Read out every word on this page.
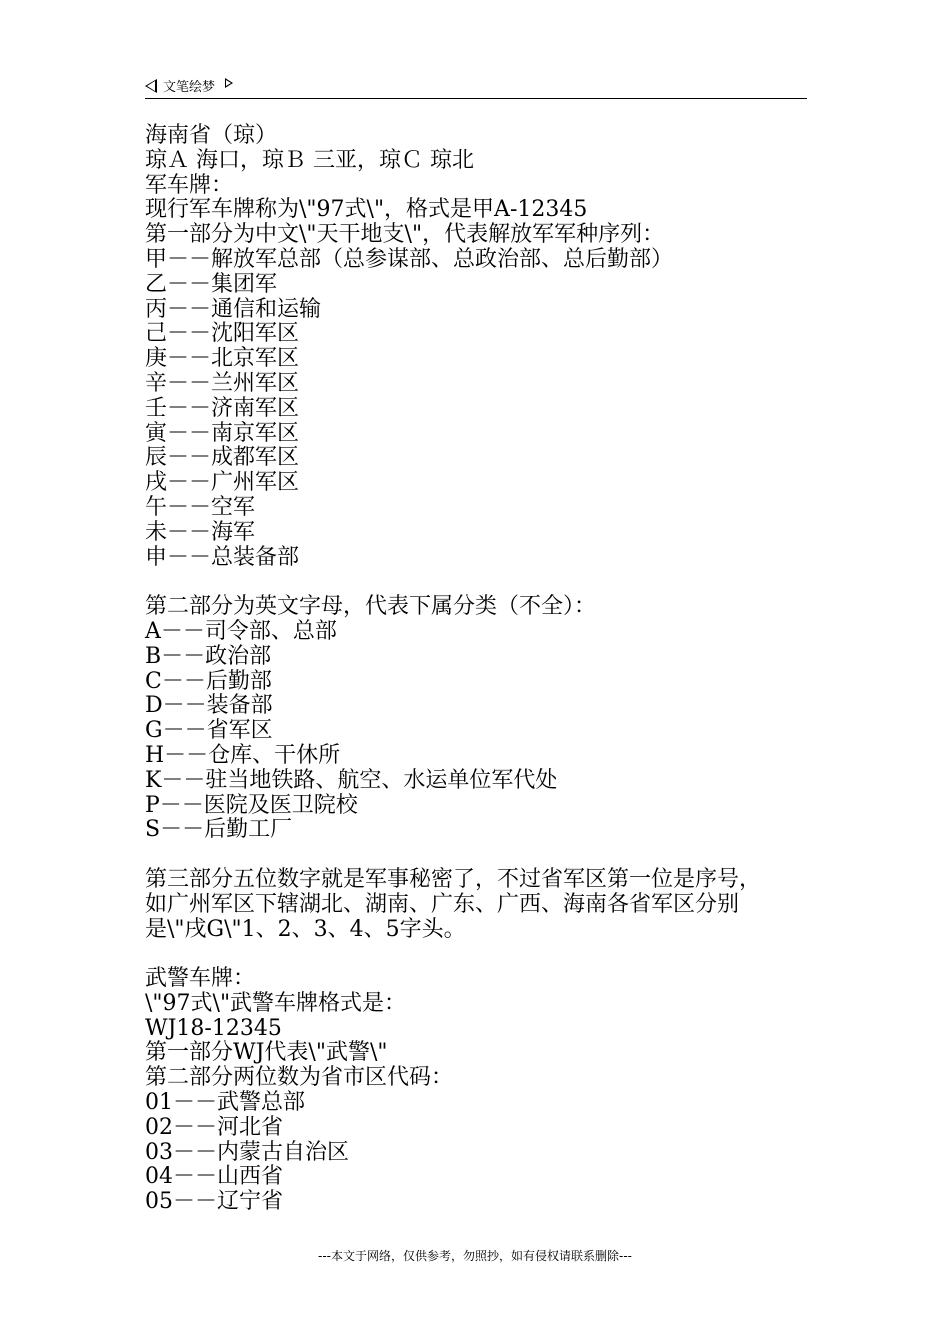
文笔绘梦
海南省（琼）
琼Ａ 海口，琼Ｂ 三亚，琼Ｃ 琼北
军车牌：
现行军车牌称为\"97式\"，格式是甲A-12345
第一部分为中文\"天干地支\"，代表解放军军种序列：
甲－－解放军总部（总参谋部、总政治部、总后勤部）
乙－－集团军
丙－－通信和运输
己－－沈阳军区
庚－－北京军区
辛－－兰州军区
壬－－济南军区
寅－－南京军区
辰－－成都军区
戌－－广州军区
午－－空军
未－－海军
申－－总装备部
第二部分为英文字母，代表下属分类（不全）：
A－－司令部、总部
B－－政治部
C－－后勤部
D－－装备部
G－－省军区
H－－仓库、干休所
K－－驻当地铁路、航空、水运单位军代处
P－－医院及医卫院校
S－－后勤工厂
第三部分五位数字就是军事秘密了，不过省军区第一位是序号，
如广州军区下辖湖北、湖南、广东、广西、海南各省军区分别
是\"戌G\"1、2、3、4、5字头。
武警车牌：
\"97式\"武警车牌格式是：
WJ18-12345
第一部分WJ代表\"武警\"
第二部分两位数为省市区代码：
01－－武警总部
02－－河北省
03－－内蒙古自治区
04－－山西省
05－－辽宁省
---本文于网络，仅供参考，勿照抄，如有侵权请联系删除---
